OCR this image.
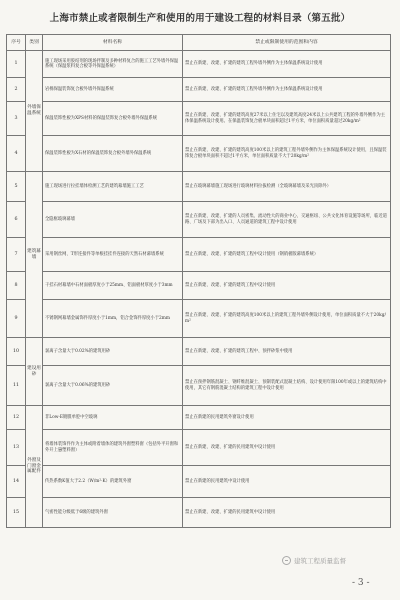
上海市禁止或者限制生产和使用的用于建设工程的材料目录（第五批）
序号	类别	材料名称	禁止或限制使用的范围和内容
1	外墙保温系统	施工现场采用胶结剂的现场拌制及多种材料复合的施工工艺外墙外保温系统（保温浆料复合板等外保温系统）	禁止在新建、改建、扩建的建筑工程外墙外侧作为主体保温系统设计使用
2		岩棉保温装饰复合板外墙外保温系统	禁止在新建、改建、扩建的建筑工程外墙外侧作为主体保温系统设计使用
3		保温装饰性板为XPS材料的保温装饰复合板外墙外保温系统	禁止在新建、改建、扩建的建筑高度27米以上住宅以及建筑高度24米以上公共建筑工程的外墙外侧作为主体保温系统设计使用。在保温装饰复合板单块面积超过1平方米，单位面积质量超过20kg/m²
4		保温装饰性板为X石材的保温装饰复合板外墙外保温系统	禁止在新建、改建、扩建的建筑高度100米以上的建筑工程外墙外侧作为主体保温系统设计使用，且保温装饰复合板单块面积不超过1平方米，单位面积质量不大于20kg/m²
5	建筑幕墙	施工现场进行拉挂墙体检测工艺的建筑幕墙施工工艺	禁止在玻璃幕墙施工现场进行玻璃材料拉拔检测（全玻璃幕墙及采光顶除外）
6		全隐框玻璃幕墙	禁止在新建、改建、扩建的人员密集、流动性大的商业中心、交通枢纽、公共文化体育设施等场所，临近道路、广场及下部为出入口、人员通道的建筑工程中设计使用
7		采用钢丝网、T形连接件等单根挂挂件连接的天然石材幕墙系统	禁止在新建、改建、扩建的建筑工程中设计使用（钢销板版幕墙系统）
8		干挂石材幕墙中石材面板厚度小于25mm、铝面板材厚度小于3mm	禁止在新建、改建、扩建的建筑工程中设计使用
9		不锈钢网幕墙金属饰件厚度小于1mm，铝合金饰件厚度小于2mm	禁止在新建、改建、扩建的建筑高度100米以上的建筑工程外墙外侧设计使用，单位面积质量不大于20kg/m²
10	建设用砂	氯离子含量大于0.02%的建筑用砂	禁止在新建、改建、扩建的建筑工程中、预拌砂浆中使用
11		氯离子含量大于0.06%的建筑用砂	禁止在预拌钢筋混凝土、钢纤维混凝土、预制装配式混凝土结构、设计使用年限100年或以上的建筑结构中使用，其它有钢筋混凝土结构的建筑工程中设计使用
12	外窗及门窗金属配件	非Low-E镀膜单腔中空玻璃	禁止在新建的民用建筑外窗设计使用
13		将墙体装饰件作为主体或附着墙体的建筑外窗塑料窗（包括外平开窗和外开上悬塑料窗）	禁止在新建、改建、扩建的民用建筑中设计使用
14		传热系数K值大于2.2（W/m²·K）的建筑外窗	禁止在新建的民用建筑中设计使用
15		气密性能分级低于6级的建筑外窗	禁止在新建、改建、扩建的民用建筑中设计使用
建筑工程质量监督
- 3 -
